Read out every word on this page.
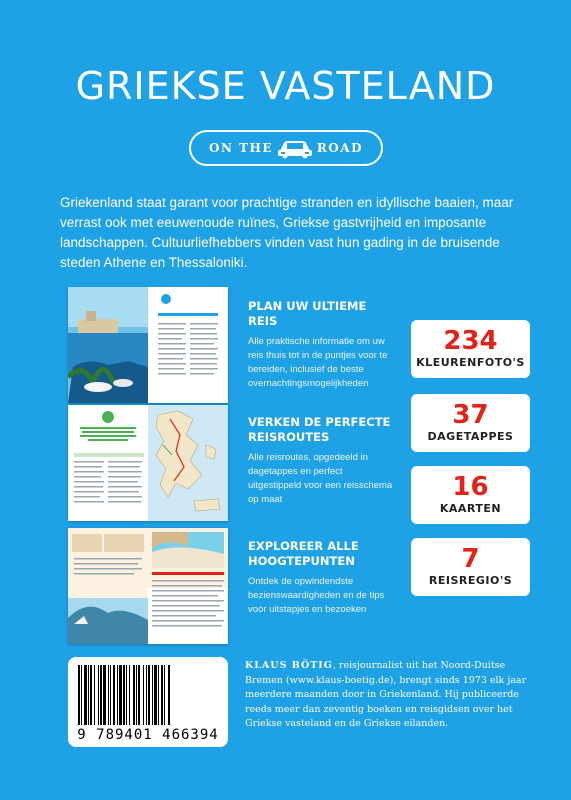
GRIEKSE VASTELAND
ON THE	ROAD

Griekenland staat garant voor prachtige stranden en idyllische baaien, maar verrast ook met eeuwenoude ruïnes, Griekse gastvrijheid en imposante landschappen. Cultuurliefhebbers vinden vast hun gading in de bruisende steden Athene en Thessaloniki.

PLAN UW ULTIEME REIS

Alle praktische informatie om uw reis thuis tot in de puntjes voor te bereiden, inclusief de beste overnachtingsmogelijkheden

VERKEN DE PERFECTE REISROUTES

Alle reisroutes, opgedeeld in dagetappes en perfect uitgestippeld voor een reisschema op maat

EXPLOREER ALLE HOOGTEPUNTEN

Ontdek de opwindendste bezienswaardigheden en de tips voor uitstapjes en bezoeken

234
KLEURENFOTO'S
37
DAGETAPPES
16
KAARTEN
7
REISREGIO'S
9 789401 466394

KLAUS BÖTIG, reisjournalist uit het Noord-Duitse Bremen (www.klaus-boetig.de), brengt sinds 1973 elk jaar meerdere maanden door in Griekenland. Hij publiceerde reeds meer dan zeventig boeken en reisgidsen over het Griekse vasteland en de Griekse eilanden.
